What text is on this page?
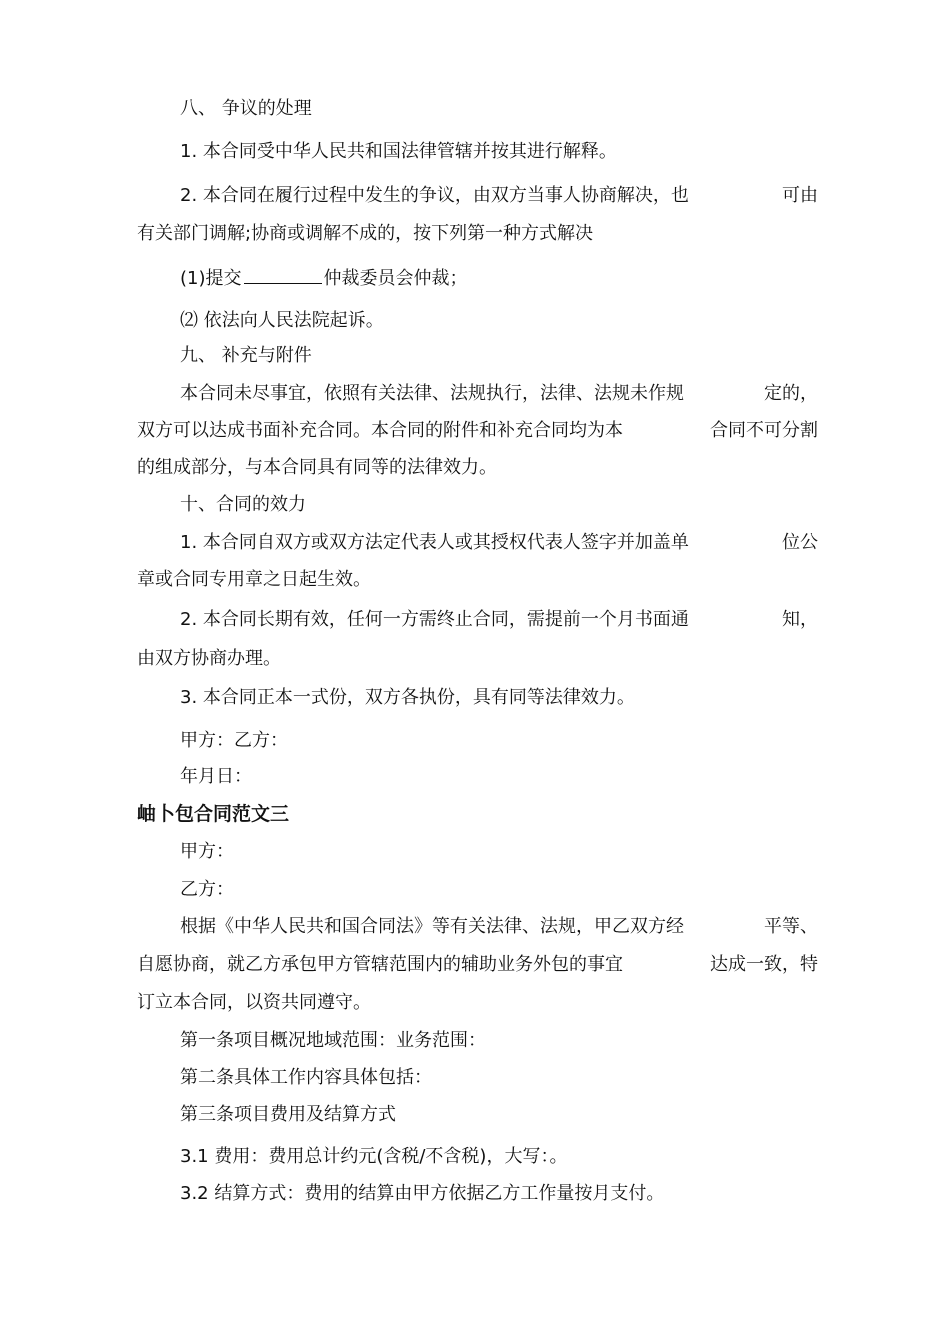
八、 争议的处理
1. 本合同受中华人民共和国法律管辖并按其进行解释。
2. 本合同在履行过程中发生的争议，由双方当事人协商解决，也	可由
有关部门调解;协商或调解不成的，按下列第一种方式解决
(1)提交	仲裁委员会仲裁；
⑵ 依法向人民法院起诉。
九、 补充与附件
本合同未尽事宜，依照有关法律、法规执行，法律、法规未作规	定的，
双方可以达成书面补充合同。本合同的附件和补充合同均为本	合同不可分割
的组成部分，与本合同具有同等的法律效力。
十、合同的效力
1. 本合同自双方或双方法定代表人或其授权代表人签字并加盖单	位公
章或合同专用章之日起生效。
2. 本合同长期有效，任何一方需终止合同，需提前一个月书面通	知，
由双方协商办理。
3. 本合同正本一式份，双方各执份，具有同等法律效力。
甲方：乙方：
年月日：
岫卜包合同范文三
甲方：
乙方：
根据《中华人民共和国合同法》等有关法律、法规，甲乙双方经	平等、
自愿协商，就乙方承包甲方管辖范围内的辅助业务外包的事宜	达成一致，特
订立本合同，以资共同遵守。
第一条项目概况地域范围：业务范围：
第二条具体工作内容具体包括：
第三条项目费用及结算方式
3.1 费用：费用总计约元(含税/不含税)，大写：。
3.2 结算方式：费用的结算由甲方依据乙方工作量按月支付。
